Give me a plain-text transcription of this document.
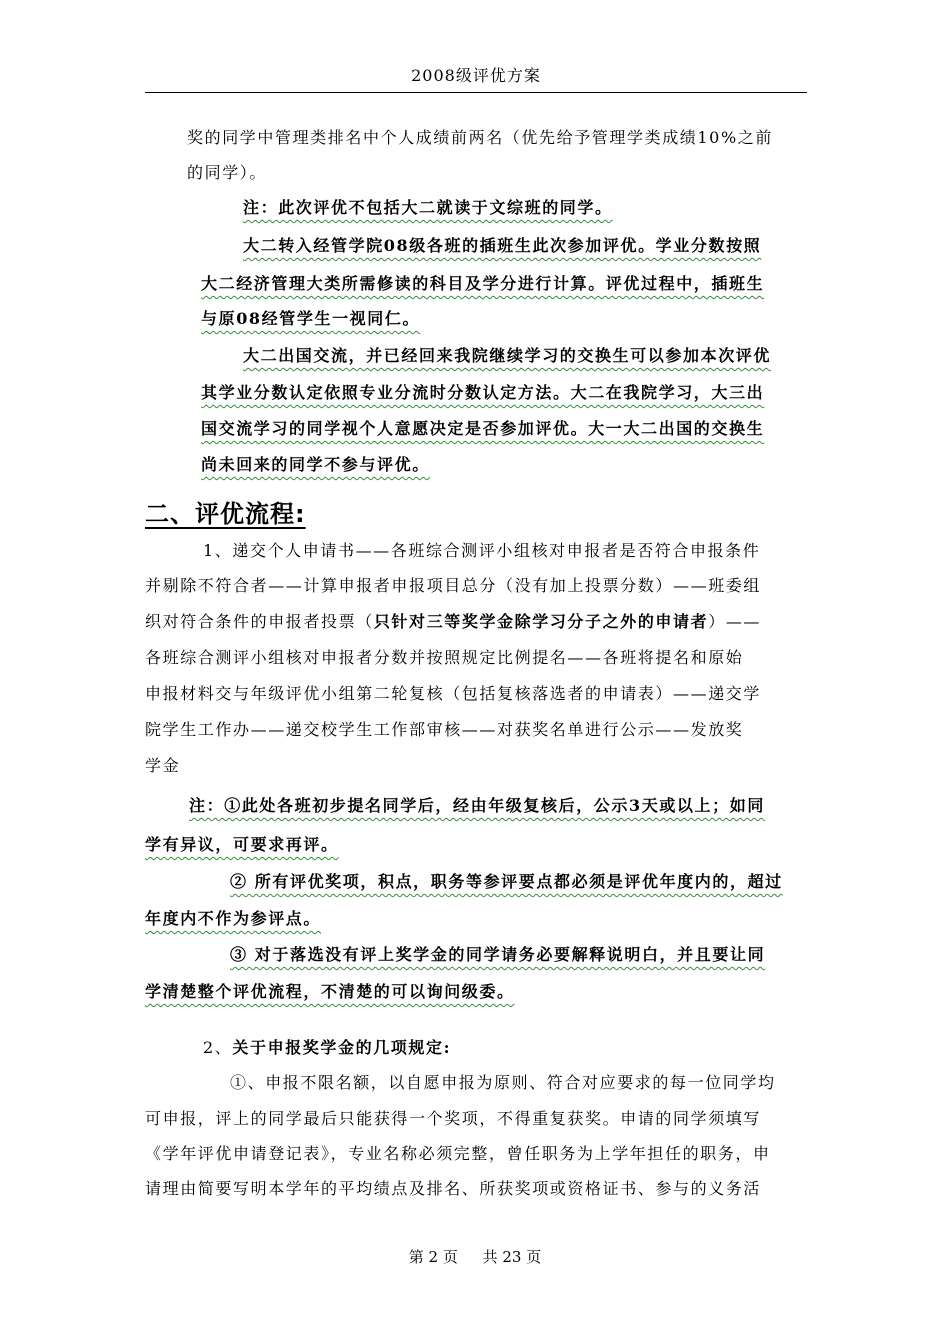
2008级评优方案
奖的同学中管理类排名中个人成绩前两名（优先给予管理学类成绩10%之前
的同学）。
注：此次评优不包括大二就读于文综班的同学。
大二转入经管学院08级各班的插班生此次参加评优。学业分数按照
大二经济管理大类所需修读的科目及学分进行计算。评优过程中，插班生
与原08经管学生一视同仁。
大二出国交流，并已经回来我院继续学习的交换生可以参加本次评优
其学业分数认定依照专业分流时分数认定方法。大二在我院学习，大三出
国交流学习的同学视个人意愿决定是否参加评优。大一大二出国的交换生
尚未回来的同学不参与评优。
二、评优流程:
1、递交个人申请书——各班综合测评小组核对申报者是否符合申报条件
并剔除不符合者——计算申报者申报项目总分（没有加上投票分数）——班委组
织对符合条件的申报者投票（只针对三等奖学金除学习分子之外的申请者）——
各班综合测评小组核对申报者分数并按照规定比例提名——各班将提名和原始
申报材料交与年级评优小组第二轮复核（包括复核落选者的申请表）——递交学
院学生工作办——递交校学生工作部审核——对获奖名单进行公示——发放奖
学金
注：①此处各班初步提名同学后，经由年级复核后，公示3天或以上；如同
学有异议，可要求再评。
② 所有评优奖项，积点，职务等参评要点都必须是评优年度内的，超过
年度内不作为参评点。
③ 对于落选没有评上奖学金的同学请务必要解释说明白，并且要让同
学清楚整个评优流程，不清楚的可以询问级委。
2、关于申报奖学金的几项规定:
①、申报不限名额，以自愿申报为原则、符合对应要求的每一位同学均
可申报，评上的同学最后只能获得一个奖项，不得重复获奖。申请的同学须填写
《学年评优申请登记表》，专业名称必须完整，曾任职务为上学年担任的职务，申
请理由简要写明本学年的平均绩点及排名、所获奖项或资格证书、参与的义务活
第 2 页 共 23 页
